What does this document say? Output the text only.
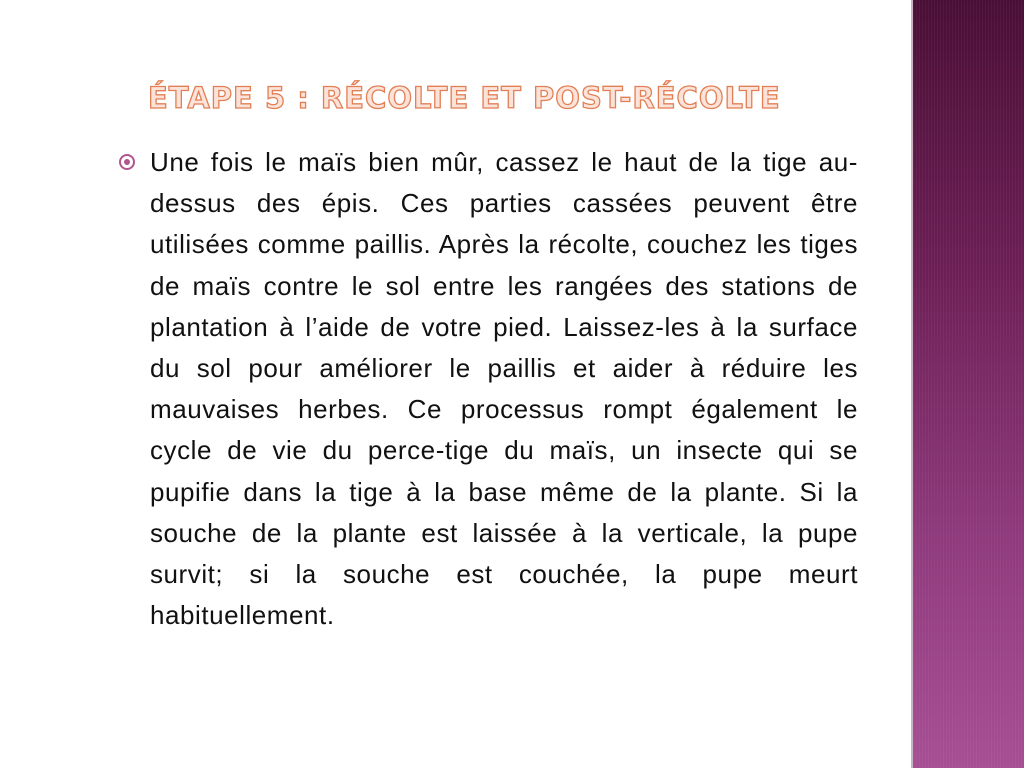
ÉTAPE 5 : RÉCOLTE ET POST-RÉCOLTE

Une fois le maïs bien mûr, cassez le haut de la tige au-dessus des épis. Ces parties cassées peuvent être utilisées comme paillis. Après la récolte, couchez les tiges de maïs contre le sol entre les rangées des stations de plantation à l’aide de votre pied. Laissez-les à la surface du sol pour améliorer le paillis et aider à réduire les mauvaises herbes. Ce processus rompt également le cycle de vie du perce-tige du maïs, un insecte qui se pupifie dans la tige à la base même de la plante. Si la souche de la plante est laissée à la verticale, la pupe survit; si la souche est couchée, la pupe meurt habituellement.
